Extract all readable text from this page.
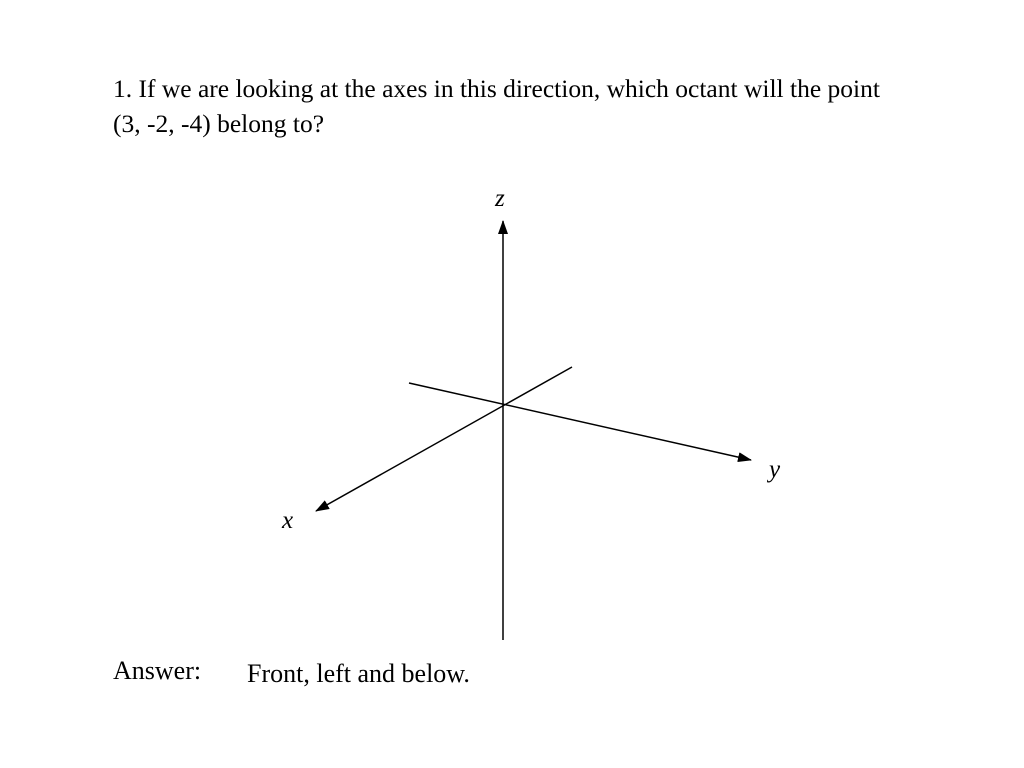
1. If we are looking at the axes in this direction, which octant will the point (3, -2, -4) belong to?

z
y
x

Answer: Front, left and below.
